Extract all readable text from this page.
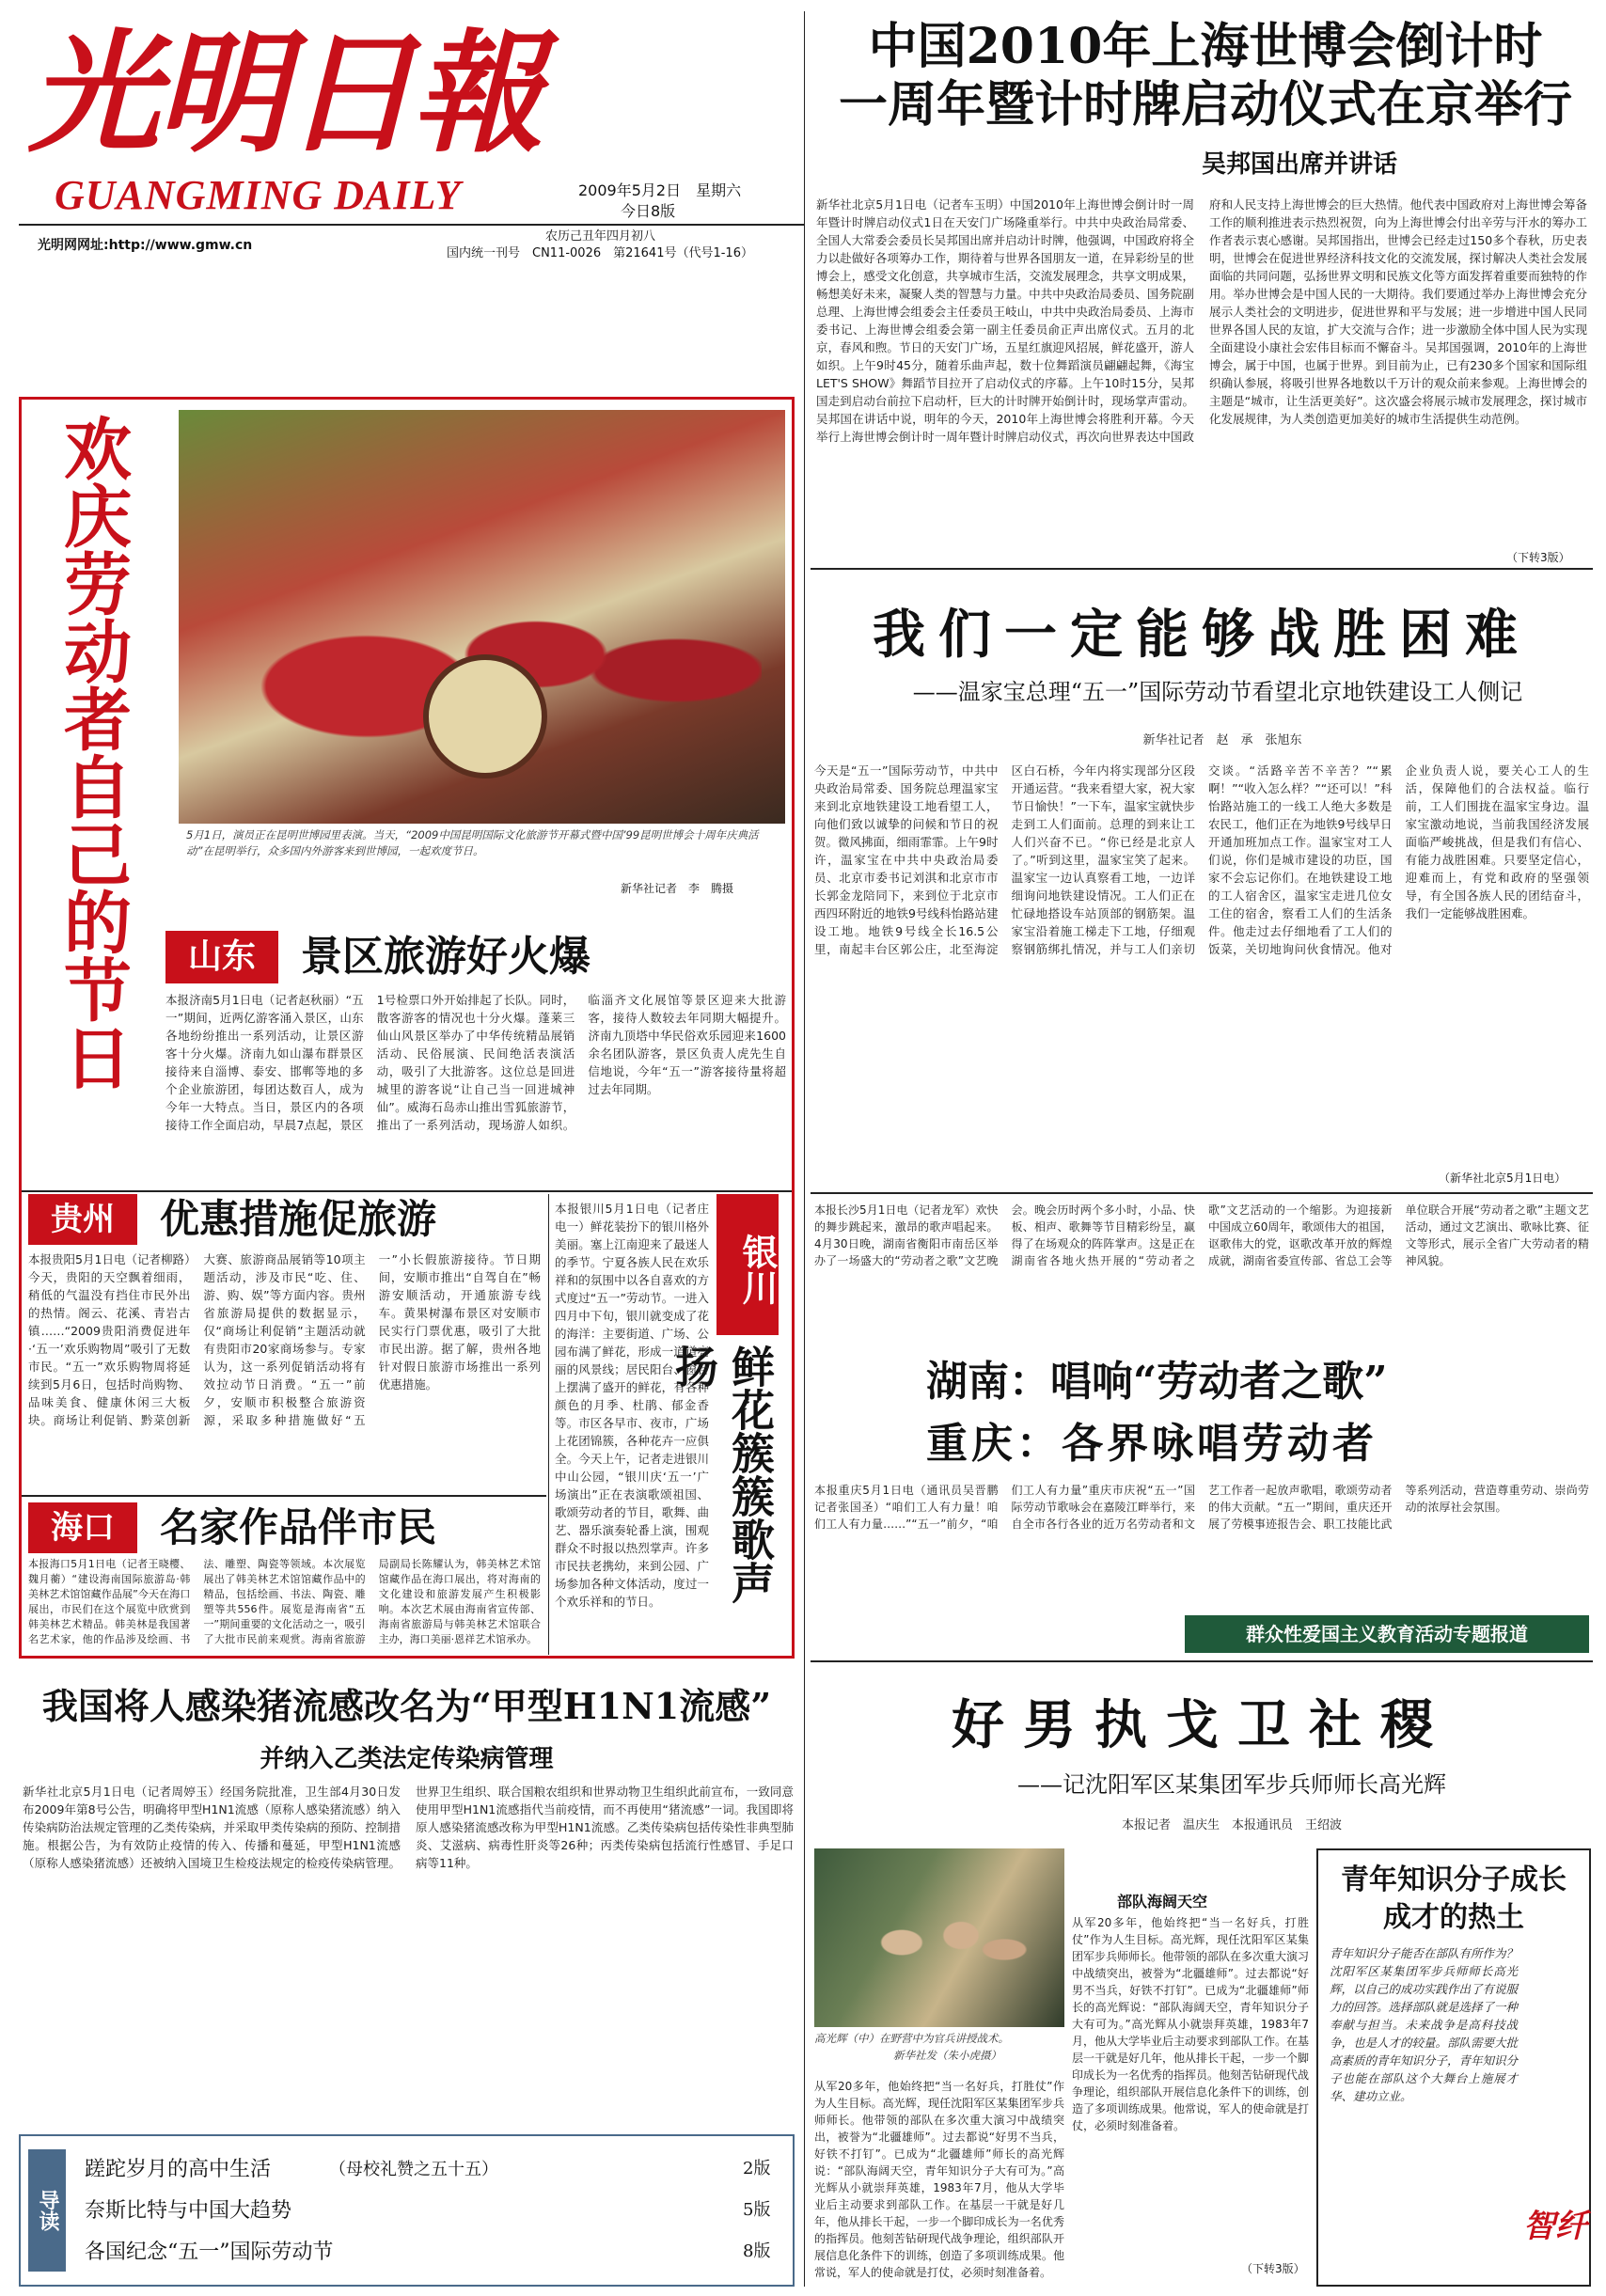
光明日報
GUANGMING DAILY	2009年5月2日　星期六
今日8版
光明网网址:http://www.gmw.cn
农历己丑年四月初八
国内统一刊号　CN11-0026　第21641号（代号1-16）
中国2010年上海世博会倒计时
一周年暨计时牌启动仪式在京举行
吴邦国出席并讲话
新华社北京5月1日电（记者车玉明）中国2010年上海世博会倒计时一周年暨计时牌启动仪式1日在天安门广场隆重举行。中共中央政治局常委、全国人大常委会委员长吴邦国出席并启动计时牌，他强调，中国政府将全力以赴做好各项筹办工作，期待着与世界各国朋友一道，在异彩纷呈的世博会上，感受文化创意，共享城市生活，交流发展理念，共享文明成果，畅想美好未来，凝聚人类的智慧与力量。中共中央政治局委员、国务院副总理、上海世博会组委会主任委员王岐山，中共中央政治局委员、上海市委书记、上海世博会组委会第一副主任委员俞正声出席仪式。五月的北京，春风和煦。节日的天安门广场，五星红旗迎风招展，鲜花盛开，游人如织。上午9时45分，随着乐曲声起，数十位舞蹈演员翩翩起舞，《海宝LET'S SHOW》舞蹈节目拉开了启动仪式的序幕。上午10时15分，吴邦国走到启动台前拉下启动杆，巨大的计时牌开始倒计时，现场掌声雷动。吴邦国在讲话中说，明年的今天，2010年上海世博会将胜利开幕。今天举行上海世博会倒计时一周年暨计时牌启动仪式，再次向世界表达中国政府和人民支持上海世博会的巨大热情。他代表中国政府对上海世博会筹备工作的顺利推进表示热烈祝贺，向为上海世博会付出辛劳与汗水的筹办工作者表示衷心感谢。吴邦国指出，世博会已经走过150多个春秋，历史表明，世博会在促进世界经济科技文化的交流发展，探讨解决人类社会发展面临的共同问题，弘扬世界文明和民族文化等方面发挥着重要而独特的作用。举办世博会是中国人民的一大期待。我们要通过举办上海世博会充分展示人类社会的文明进步，促进世界和平与发展；进一步增进中国人民同世界各国人民的友谊，扩大交流与合作；进一步激励全体中国人民为实现全面建设小康社会宏伟目标而不懈奋斗。吴邦国强调，2010年的上海世博会，属于中国，也属于世界。到目前为止，已有230多个国家和国际组织确认参展，将吸引世界各地数以千万计的观众前来参观。上海世博会的主题是“城市，让生活更美好”。这次盛会将展示城市发展理念，探讨城市化发展规律，为人类创造更加美好的城市生活提供生动范例。
（下转3版）
欢庆劳动者自己的节日	5月1日，演员正在昆明世博园里表演。当天，“2009中国昆明国际文化旅游节开幕式暨中国’99昆明世博会十周年庆典活动”在昆明举行，众多国内外游客来到世博园，一起欢度节日。
新华社记者　李　腾摄
山东	景区旅游好火爆
本报济南5月1日电（记者赵秋丽）“五一”期间，近两亿游客涌入景区，山东各地纷纷推出一系列活动，让景区游客十分火爆。济南九如山瀑布群景区接待来自淄博、泰安、邯郸等地的多个企业旅游团，每团达数百人，成为今年一大特点。当日，景区内的各项接待工作全面启动，早晨7点起，景区1号检票口外开始排起了长队。同时，散客游客的情况也十分火爆。蓬莱三仙山风景区举办了中华传统精品展销活动、民俗展演、民间绝活表演活动，吸引了大批游客。这位总是回进城里的游客说“让自己当一回进城神仙”。威海石岛赤山推出雪狐旅游节，推出了一系列活动，现场游人如织。临淄齐文化展馆等景区迎来大批游客，接待人数较去年同期大幅提升。济南九顶塔中华民俗欢乐园迎来1600余名团队游客，景区负责人虎先生自信地说，今年“五一”游客接待量将超过去年同期。
贵州	优惠措施促旅游
本报贵阳5月1日电（记者柳路）今天，贵阳的天空飘着细雨，稍低的气温没有挡住市民外出的热情。阁云、花溪、青岩古镇……“2009贵阳消费促进年·‘五一’欢乐购物周”吸引了无数市民。“五一”欢乐购物周将延续到5月6日，包括时尚购物、品味美食、健康休闲三大板块。商场让利促销、黔菜创新大赛、旅游商品展销等10项主题活动，涉及市民“吃、住、游、购、娱”等方面内容。贵州省旅游局提供的数据显示，仅“商场让利促销”主题活动就有贵阳市20家商场参与。专家认为，这一系列促销活动将有效拉动节日消费。“五一”前夕，安顺市积极整合旅游资源，采取多种措施做好“五一”小长假旅游接待。节日期间，安顺市推出“自驾自在”畅游安顺活动，开通旅游专线车。黄果树瀑布景区对安顺市民实行门票优惠，吸引了大批市民出游。据了解，贵州各地针对假日旅游市场推出一系列优惠措施。
银川
鲜花簇簇歌声扬
本报银川5月1日电（记者庄电一）鲜花装扮下的银川格外美丽。塞上江南迎来了最迷人的季节。宁夏各族人民在欢乐祥和的氛围中以各自喜欢的方式度过“五一”劳动节。一进入四月中下旬，银川就变成了花的海洋：主要街道、广场、公园布满了鲜花，形成一道道亮丽的风景线；居民阳台、窗台上摆满了盛开的鲜花，有各种颜色的月季、杜鹃、郁金香等。市区各早市、夜市，广场上花团锦簇，各种花卉一应俱全。今天上午，记者走进银川中山公园，“银川庆‘五一’广场演出”正在表演歌颂祖国、歌颂劳动者的节目，歌舞、曲艺、器乐演奏轮番上演，围观群众不时报以热烈掌声。许多市民扶老携幼，来到公园、广场参加各种文体活动，度过一个欢乐祥和的节日。
海口	名家作品伴市民
本报海口5月1日电（记者王晓樱、魏月蘅）“建设海南国际旅游岛·韩美林艺术馆馆藏作品展”今天在海口展出，市民们在这个展览中欣赏到韩美林艺术精品。韩美林是我国著名艺术家，他的作品涉及绘画、书法、雕塑、陶瓷等领域。本次展览展出了韩美林艺术馆馆藏作品中的精品，包括绘画、书法、陶瓷、雕塑等共556件。展览是海南省“五一”期间重要的文化活动之一，吸引了大批市民前来观赏。海南省旅游局副局长陈耀认为，韩美林艺术馆馆藏作品在海口展出，将对海南的文化建设和旅游发展产生积极影响。本次艺术展由海南省宣传部、海南省旅游局与韩美林艺术馆联合主办，海口美丽·恩祥艺术馆承办。
我们一定能够战胜困难
——温家宝总理“五一”国际劳动节看望北京地铁建设工人侧记
新华社记者　赵　承　张旭东
今天是“五一”国际劳动节，中共中央政治局常委、国务院总理温家宝来到北京地铁建设工地看望工人，向他们致以诚挚的问候和节日的祝贺。微风拂面，细雨霏霏。上午9时许，温家宝在中共中央政治局委员、北京市委书记刘淇和北京市市长郭金龙陪同下，来到位于北京市西四环附近的地铁9号线科怡路站建设工地。地铁9号线全长16.5公里，南起丰台区郭公庄，北至海淀区白石桥，今年内将实现部分区段开通运营。“我来看望大家，祝大家节日愉快！”一下车，温家宝就快步走到工人们面前。总理的到来让工人们兴奋不已。“你已经是北京人了。”听到这里，温家宝笑了起来。温家宝一边认真察看工地，一边详细询问地铁建设情况。工人们正在忙碌地搭设车站顶部的钢筋架。温家宝沿着施工梯走下工地，仔细观察钢筋绑扎情况，并与工人们亲切交谈。“活路辛苦不辛苦？”“累啊！”“收入怎么样？”“还可以！”科怡路站施工的一线工人绝大多数是农民工，他们正在为地铁9号线早日开通加班加点工作。温家宝对工人们说，你们是城市建设的功臣，国家不会忘记你们。在地铁建设工地的工人宿舍区，温家宝走进几位女工住的宿舍，察看工人们的生活条件。他走过去仔细地看了工人们的饭菜，关切地询问伙食情况。他对企业负责人说，要关心工人的生活，保障他们的合法权益。临行前，工人们围拢在温家宝身边。温家宝激动地说，当前我国经济发展面临严峻挑战，但是我们有信心、有能力战胜困难。只要坚定信心，迎难而上，有党和政府的坚强领导，有全国各族人民的团结奋斗，我们一定能够战胜困难。
（新华社北京5月1日电）
本报长沙5月1日电（记者龙军）欢快的舞步跳起来，激昂的歌声唱起来。4月30日晚，湖南省衡阳市南岳区举办了一场盛大的“劳动者之歌”文艺晚会。晚会历时两个多小时，小品、快板、相声、歌舞等节目精彩纷呈，赢得了在场观众的阵阵掌声。这是正在湖南省各地火热开展的“劳动者之歌”文艺活动的一个缩影。为迎接新中国成立60周年，歌颂伟大的祖国，讴歌伟大的党，讴歌改革开放的辉煌成就，湖南省委宣传部、省总工会等单位联合开展“劳动者之歌”主题文艺活动，通过文艺演出、歌咏比赛、征文等形式，展示全省广大劳动者的精神风貌。
湖南：唱响“劳动者之歌”
重庆：各界咏唱劳动者
本报重庆5月1日电（通讯员吴晋鹏　记者张国圣）“咱们工人有力量！咱们工人有力量……”“五一”前夕，“咱们工人有力量”重庆市庆祝“五一”国际劳动节歌咏会在嘉陵江畔举行，来自全市各行各业的近万名劳动者和文艺工作者一起放声歌唱，歌颂劳动者的伟大贡献。“五一”期间，重庆还开展了劳模事迹报告会、职工技能比武等系列活动，营造尊重劳动、崇尚劳动的浓厚社会氛围。
群众性爱国主义教育活动专题报道
好男执戈卫社稷
——记沈阳军区某集团军步兵师师长高光辉
本报记者　温庆生　本报通讯员　王绍波
高光辉（中）在野营中为官兵讲授战术。
新华社发（朱小虎摄）
部队海阔天空
从军20多年，他始终把“当一名好兵，打胜仗”作为人生目标。高光辉，现任沈阳军区某集团军步兵师师长。他带领的部队在多次重大演习中战绩突出，被誉为“北疆雄师”。过去都说“好男不当兵，好铁不打钉”。已成为“北疆雄师”师长的高光辉说：“部队海阔天空，青年知识分子大有可为。”高光辉从小就崇拜英雄，1983年7月，他从大学毕业后主动要求到部队工作。在基层一干就是好几年，他从排长干起，一步一个脚印成长为一名优秀的指挥员。他刻苦钻研现代战争理论，组织部队开展信息化条件下的训练，创造了多项训练成果。他常说，军人的使命就是打仗，必须时刻准备着。
从军20多年，他始终把“当一名好兵，打胜仗”作为人生目标。高光辉，现任沈阳军区某集团军步兵师师长。他带领的部队在多次重大演习中战绩突出，被誉为“北疆雄师”。过去都说“好男不当兵，好铁不打钉”。已成为“北疆雄师”师长的高光辉说：“部队海阔天空，青年知识分子大有可为。”高光辉从小就崇拜英雄，1983年7月，他从大学毕业后主动要求到部队工作。在基层一干就是好几年，他从排长干起，一步一个脚印成长为一名优秀的指挥员。他刻苦钻研现代战争理论，组织部队开展信息化条件下的训练，创造了多项训练成果。他常说，军人的使命就是打仗，必须时刻准备着。	（下转3版）
青年知识分子成长成才的热土
青年知识分子能否在部队有所作为？沈阳军区某集团军步兵师师长高光辉，以自己的成功实践作出了有说服力的回答。选择部队就是选择了一种奉献与担当。未来战争是高科技战争，也是人才的较量。部队需要大批高素质的青年知识分子，青年知识分子也能在部队这个大舞台上施展才华、建功立业。
智纤
我国将人感染猪流感改名为“甲型H1N1流感”
并纳入乙类法定传染病管理
新华社北京5月1日电（记者周婷玉）经国务院批准，卫生部4月30日发布2009年第8号公告，明确将甲型H1N1流感（原称人感染猪流感）纳入传染病防治法规定管理的乙类传染病，并采取甲类传染病的预防、控制措施。根据公告，为有效防止疫情的传入、传播和蔓延，甲型H1N1流感（原称人感染猪流感）还被纳入国境卫生检疫法规定的检疫传染病管理。世界卫生组织、联合国粮农组织和世界动物卫生组织此前宣布，一致同意使用甲型H1N1流感指代当前疫情，而不再使用“猪流感”一词。我国即将原人感染猪流感改称为甲型H1N1流感。乙类传染病包括传染性非典型肺炎、艾滋病、病毒性肝炎等26种；丙类传染病包括流行性感冒、手足口病等11种。
导读
蹉跎岁月的高中生活	（母校礼赞之五十五）	2版
奈斯比特与中国大趋势	5版
各国纪念“五一”国际劳动节	8版
